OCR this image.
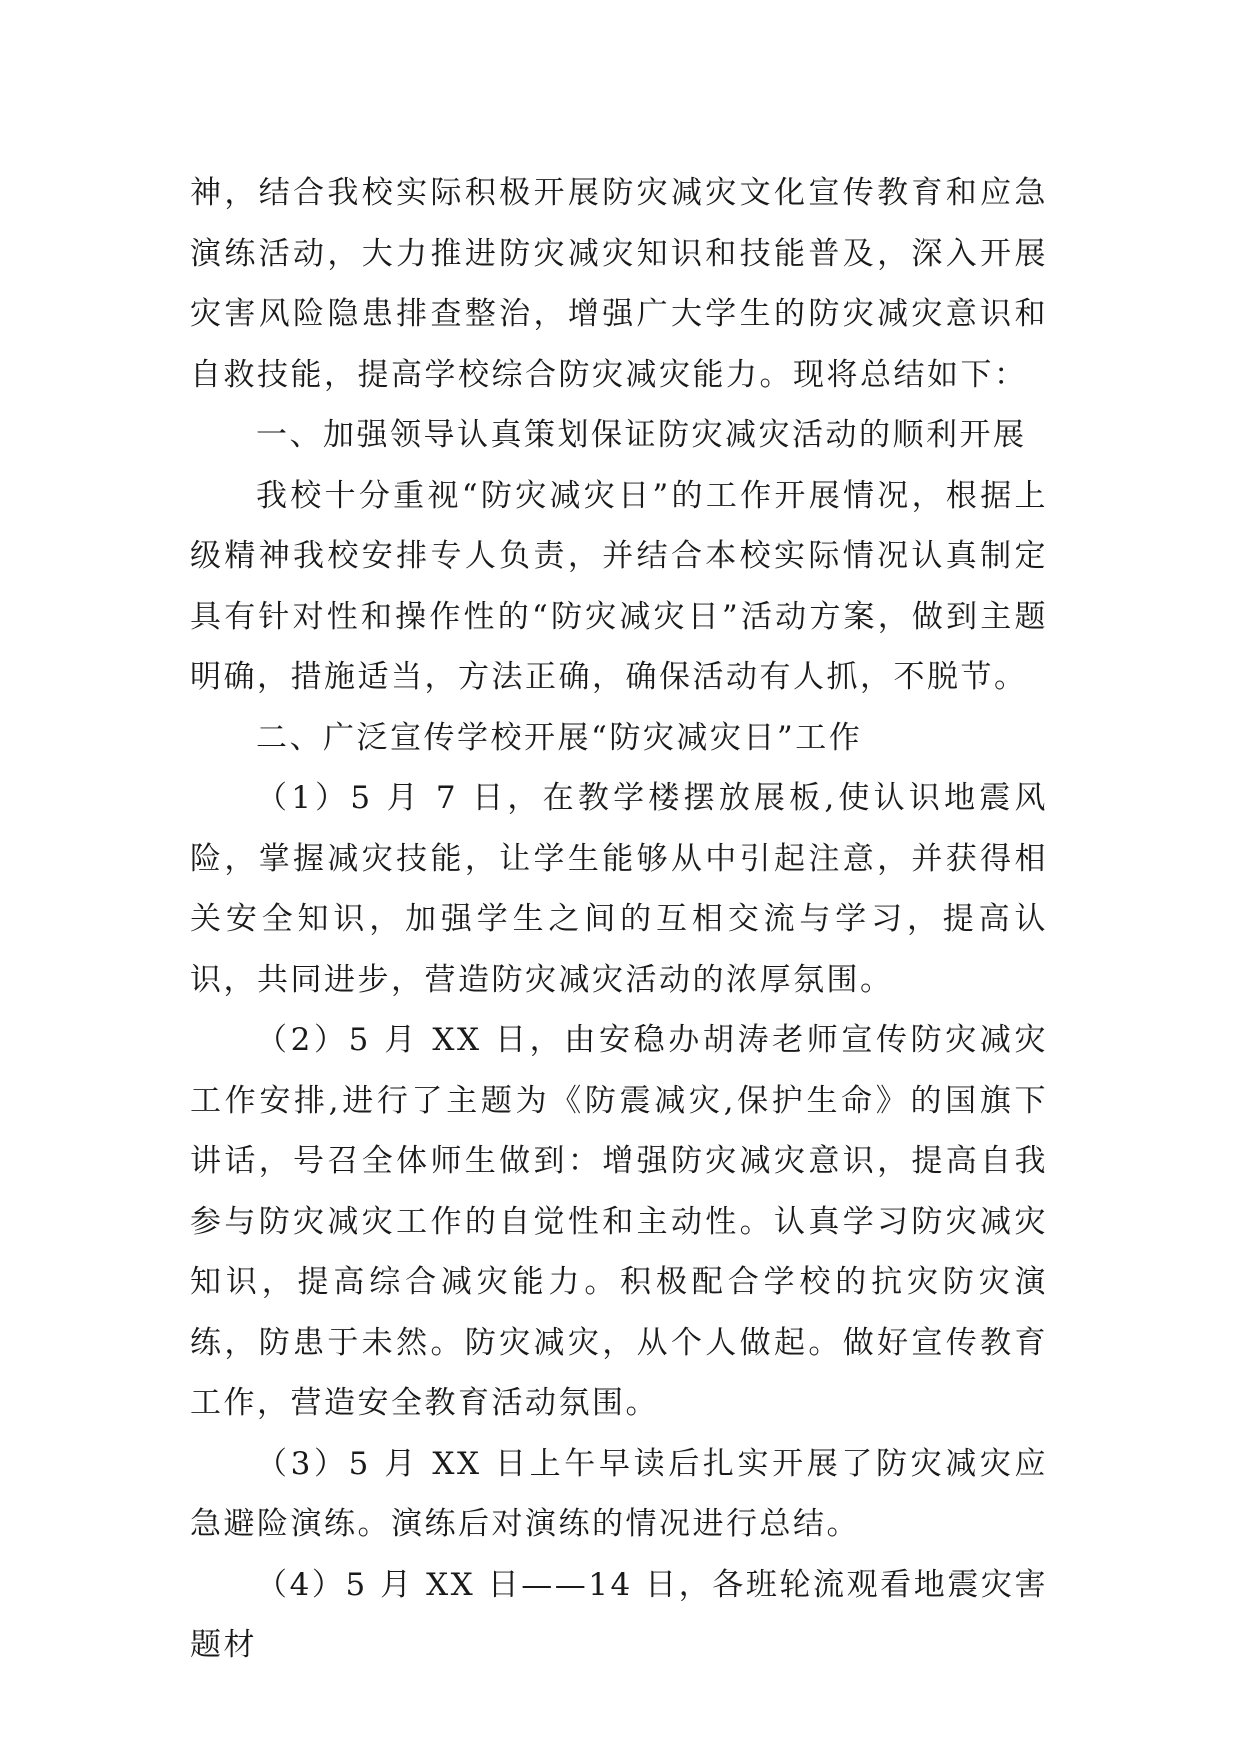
神，结合我校实际积极开展防灾减灾文化宣传教育和应急演练活动，大力推进防灾减灾知识和技能普及，深入开展灾害风险隐患排查整治，增强广大学生的防灾减灾意识和自救技能，提高学校综合防灾减灾能力。现将总结如下：

一、加强领导认真策划保证防灾减灾活动的顺利开展

我校十分重视“防灾减灾日”的工作开展情况，根据上级精神我校安排专人负责，并结合本校实际情况认真制定具有针对性和操作性的“防灾减灾日”活动方案，做到主题明确，措施适当，方法正确，确保活动有人抓，不脱节。

二、广泛宣传学校开展“防灾减灾日”工作

（1）5 月 7 日，在教学楼摆放展板,使认识地震风险，掌握减灾技能，让学生能够从中引起注意，并获得相关安全知识，加强学生之间的互相交流与学习，提高认识，共同进步，营造防灾减灾活动的浓厚氛围。

（2）5 月 XX 日，由安稳办胡涛老师宣传防灾减灾工作安排,进行了主题为《防震减灾,保护生命》的国旗下讲话，号召全体师生做到：增强防灾减灾意识，提高自我参与防灾减灾工作的自觉性和主动性。认真学习防灾减灾知识，提高综合减灾能力。积极配合学校的抗灾防灾演练，防患于未然。防灾减灾，从个人做起。做好宣传教育工作，营造安全教育活动氛围。

（3）5 月 XX 日上午早读后扎实开展了防灾减灾应急避险演练。演练后对演练的情况进行总结。

（4）5 月 XX 日——14 日，各班轮流观看地震灾害题材
